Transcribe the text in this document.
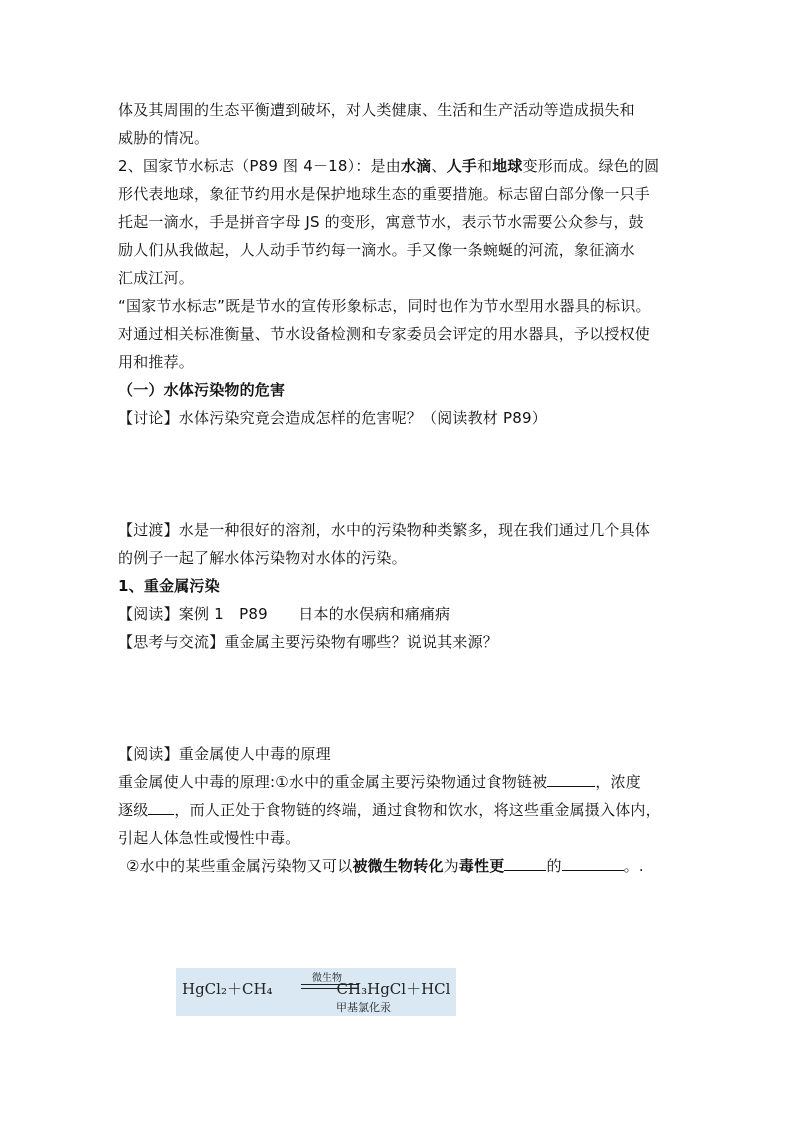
体及其周围的生态平衡遭到破坏，对人类健康、生活和生产活动等造成损失和
威胁的情况。
2、国家节水标志（P89 图 4－18）：是由水滴、人手和地球变形而成。绿色的圆
形代表地球，象征节约用水是保护地球生态的重要措施。标志留白部分像一只手
托起一滴水，手是拼音字母 JS 的变形，寓意节水，表示节水需要公众参与，鼓
励人们从我做起，人人动手节约每一滴水。手又像一条蜿蜒的河流，象征滴水
汇成江河。
“国家节水标志”既是节水的宣传形象标志，同时也作为节水型用水器具的标识。
对通过相关标准衡量、节水设备检测和专家委员会评定的用水器具，予以授权使
用和推荐。
（一）水体污染物的危害
【讨论】水体污染究竟会造成怎样的危害呢？（阅读教材 P89）
【过渡】水是一种很好的溶剂，水中的污染物种类繁多，现在我们通过几个具体
的例子一起了解水体污染物对水体的污染。
1、重金属污染
【阅读】案例 1　P89　　日本的水俣病和痛痛病
【思考与交流】重金属主要污染物有哪些？说说其来源？
【阅读】重金属使人中毒的原理
重金属使人中毒的原理:①水中的重金属主要污染物通过食物链被	，浓度
逐级 ，而人正处于食物链的终端，通过食物和饮水，将这些重金属摄入体内，
引起人体急性或慢性中毒。
②水中的某些重金属污染物又可以被微生物转化为毒性更	的	。.
HgCl₂＋CH₄	CH₃HgCl＋HCl
微生物
甲基氯化汞
